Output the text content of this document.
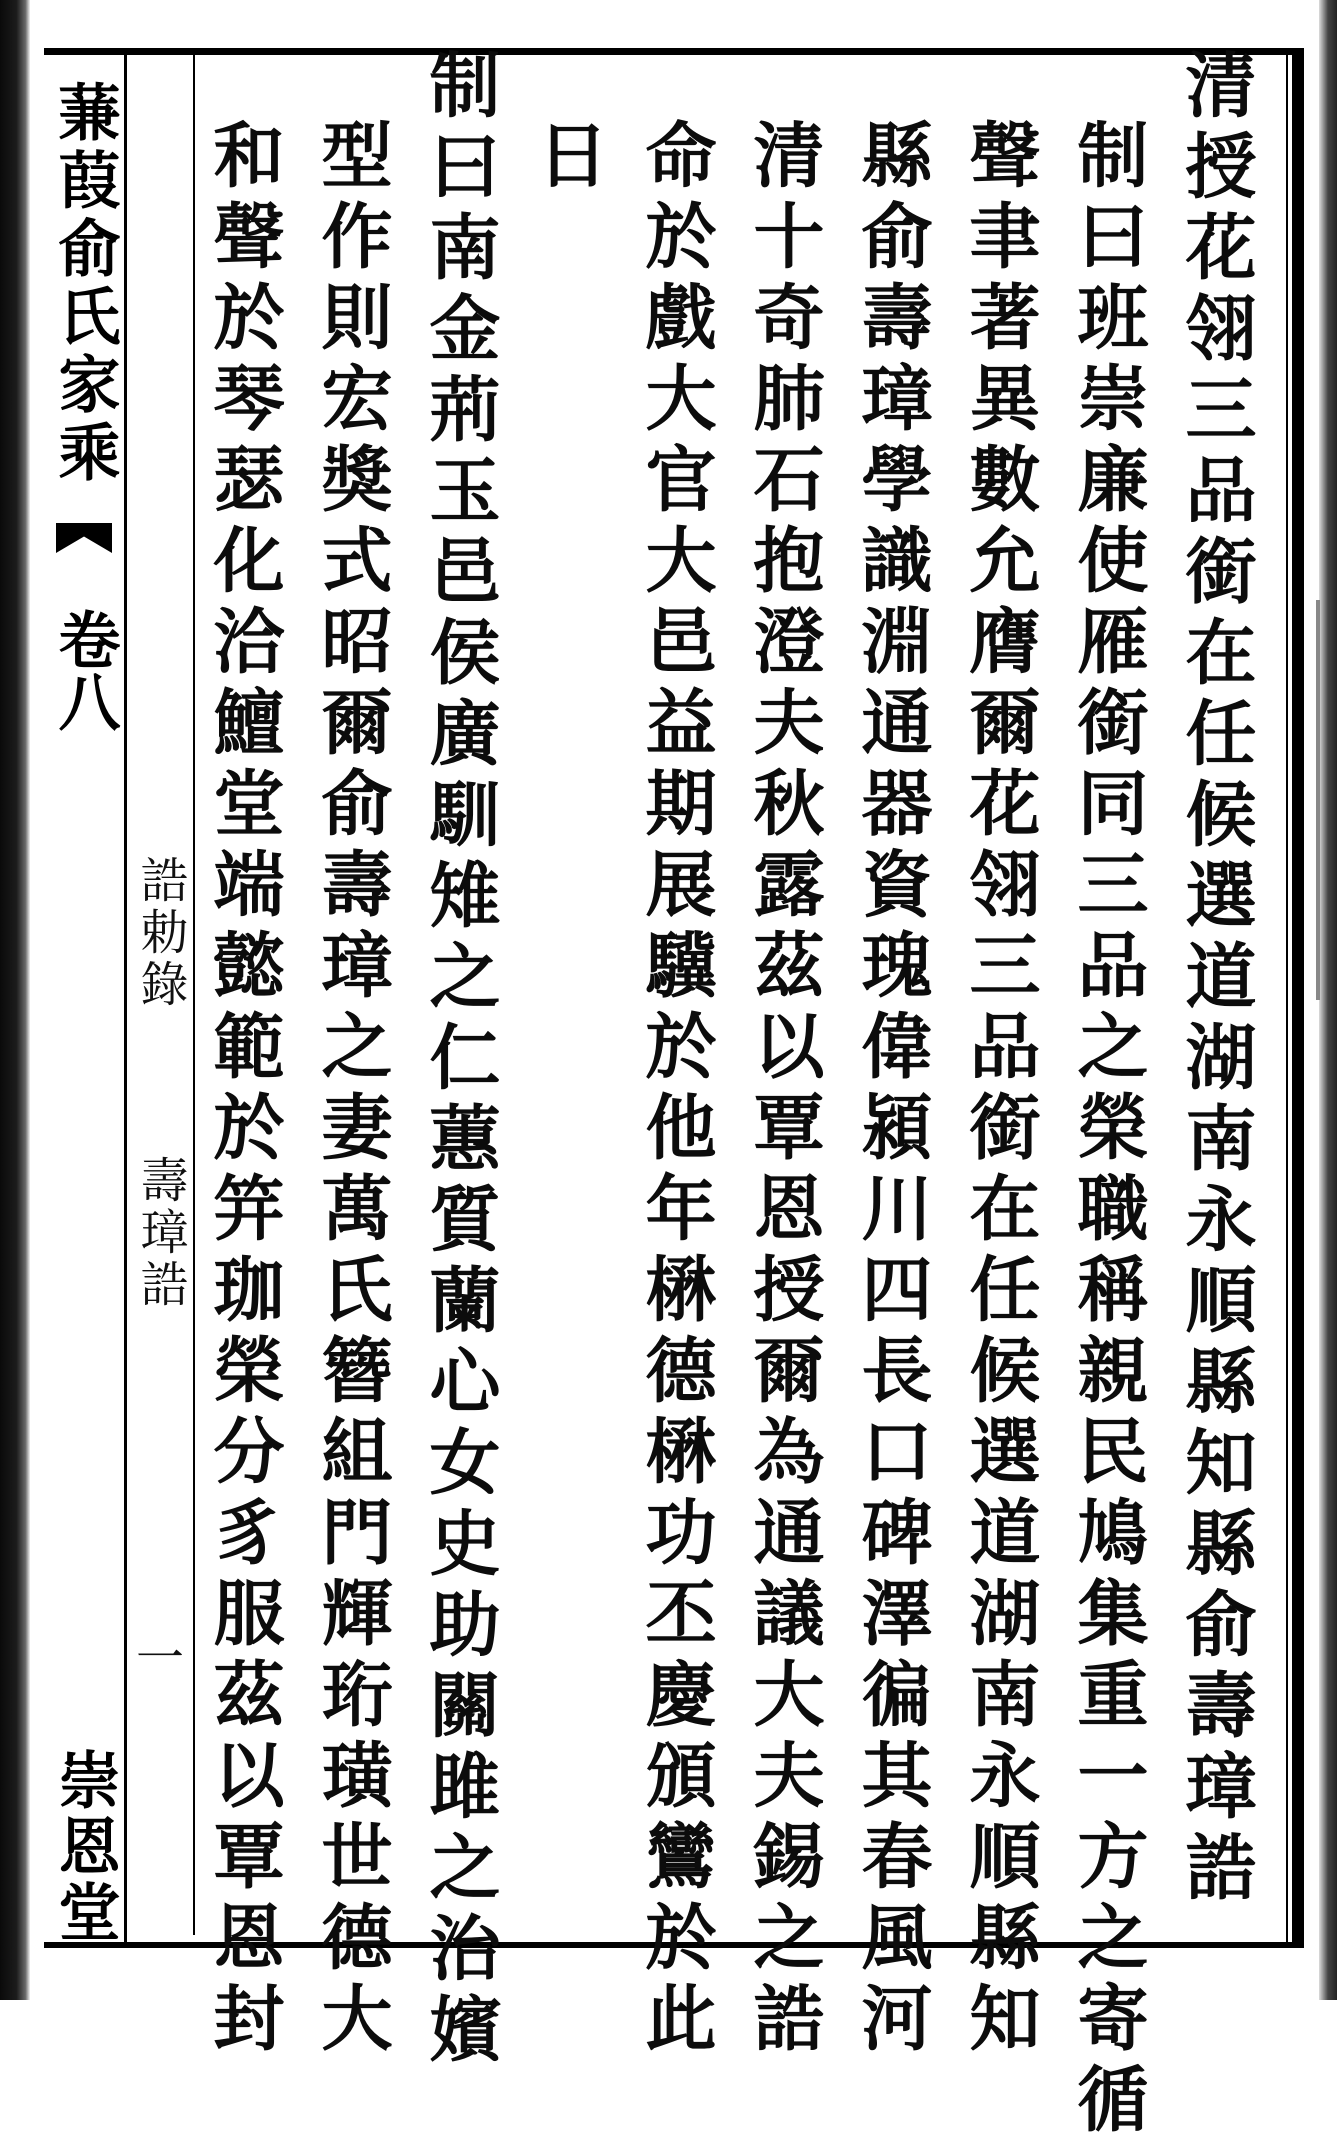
蒹葭俞氏家乘
卷八
崇恩堂
誥勅錄
壽璋誥
一	清授花翎三品銜在任候選道湖南永順縣知縣俞壽璋誥
制曰班崇廉使雁銜同三品之榮職稱親民鳩集重一方之寄循
聲聿著異數允膺爾花翎三品銜在任候選道湖南永順縣知
縣俞壽璋學識淵通器資瑰偉潁川四長口碑澤徧其春風河
清十奇肺石抱澄夫秋露茲以覃恩授爾為通議大夫錫之誥
命於戲大官大邑益期展驥於他年楙德楙功丕慶頒鸞於此
日
制曰南金荊玉邑侯廣馴雉之仁蕙質蘭心女史助關雎之治嬪
型作則宏獎式昭爾俞壽璋之妻萬氏簪組門輝珩璜世德大
和聲於琴瑟化洽鱣堂端懿範於笄珈榮分豸服茲以覃恩封
